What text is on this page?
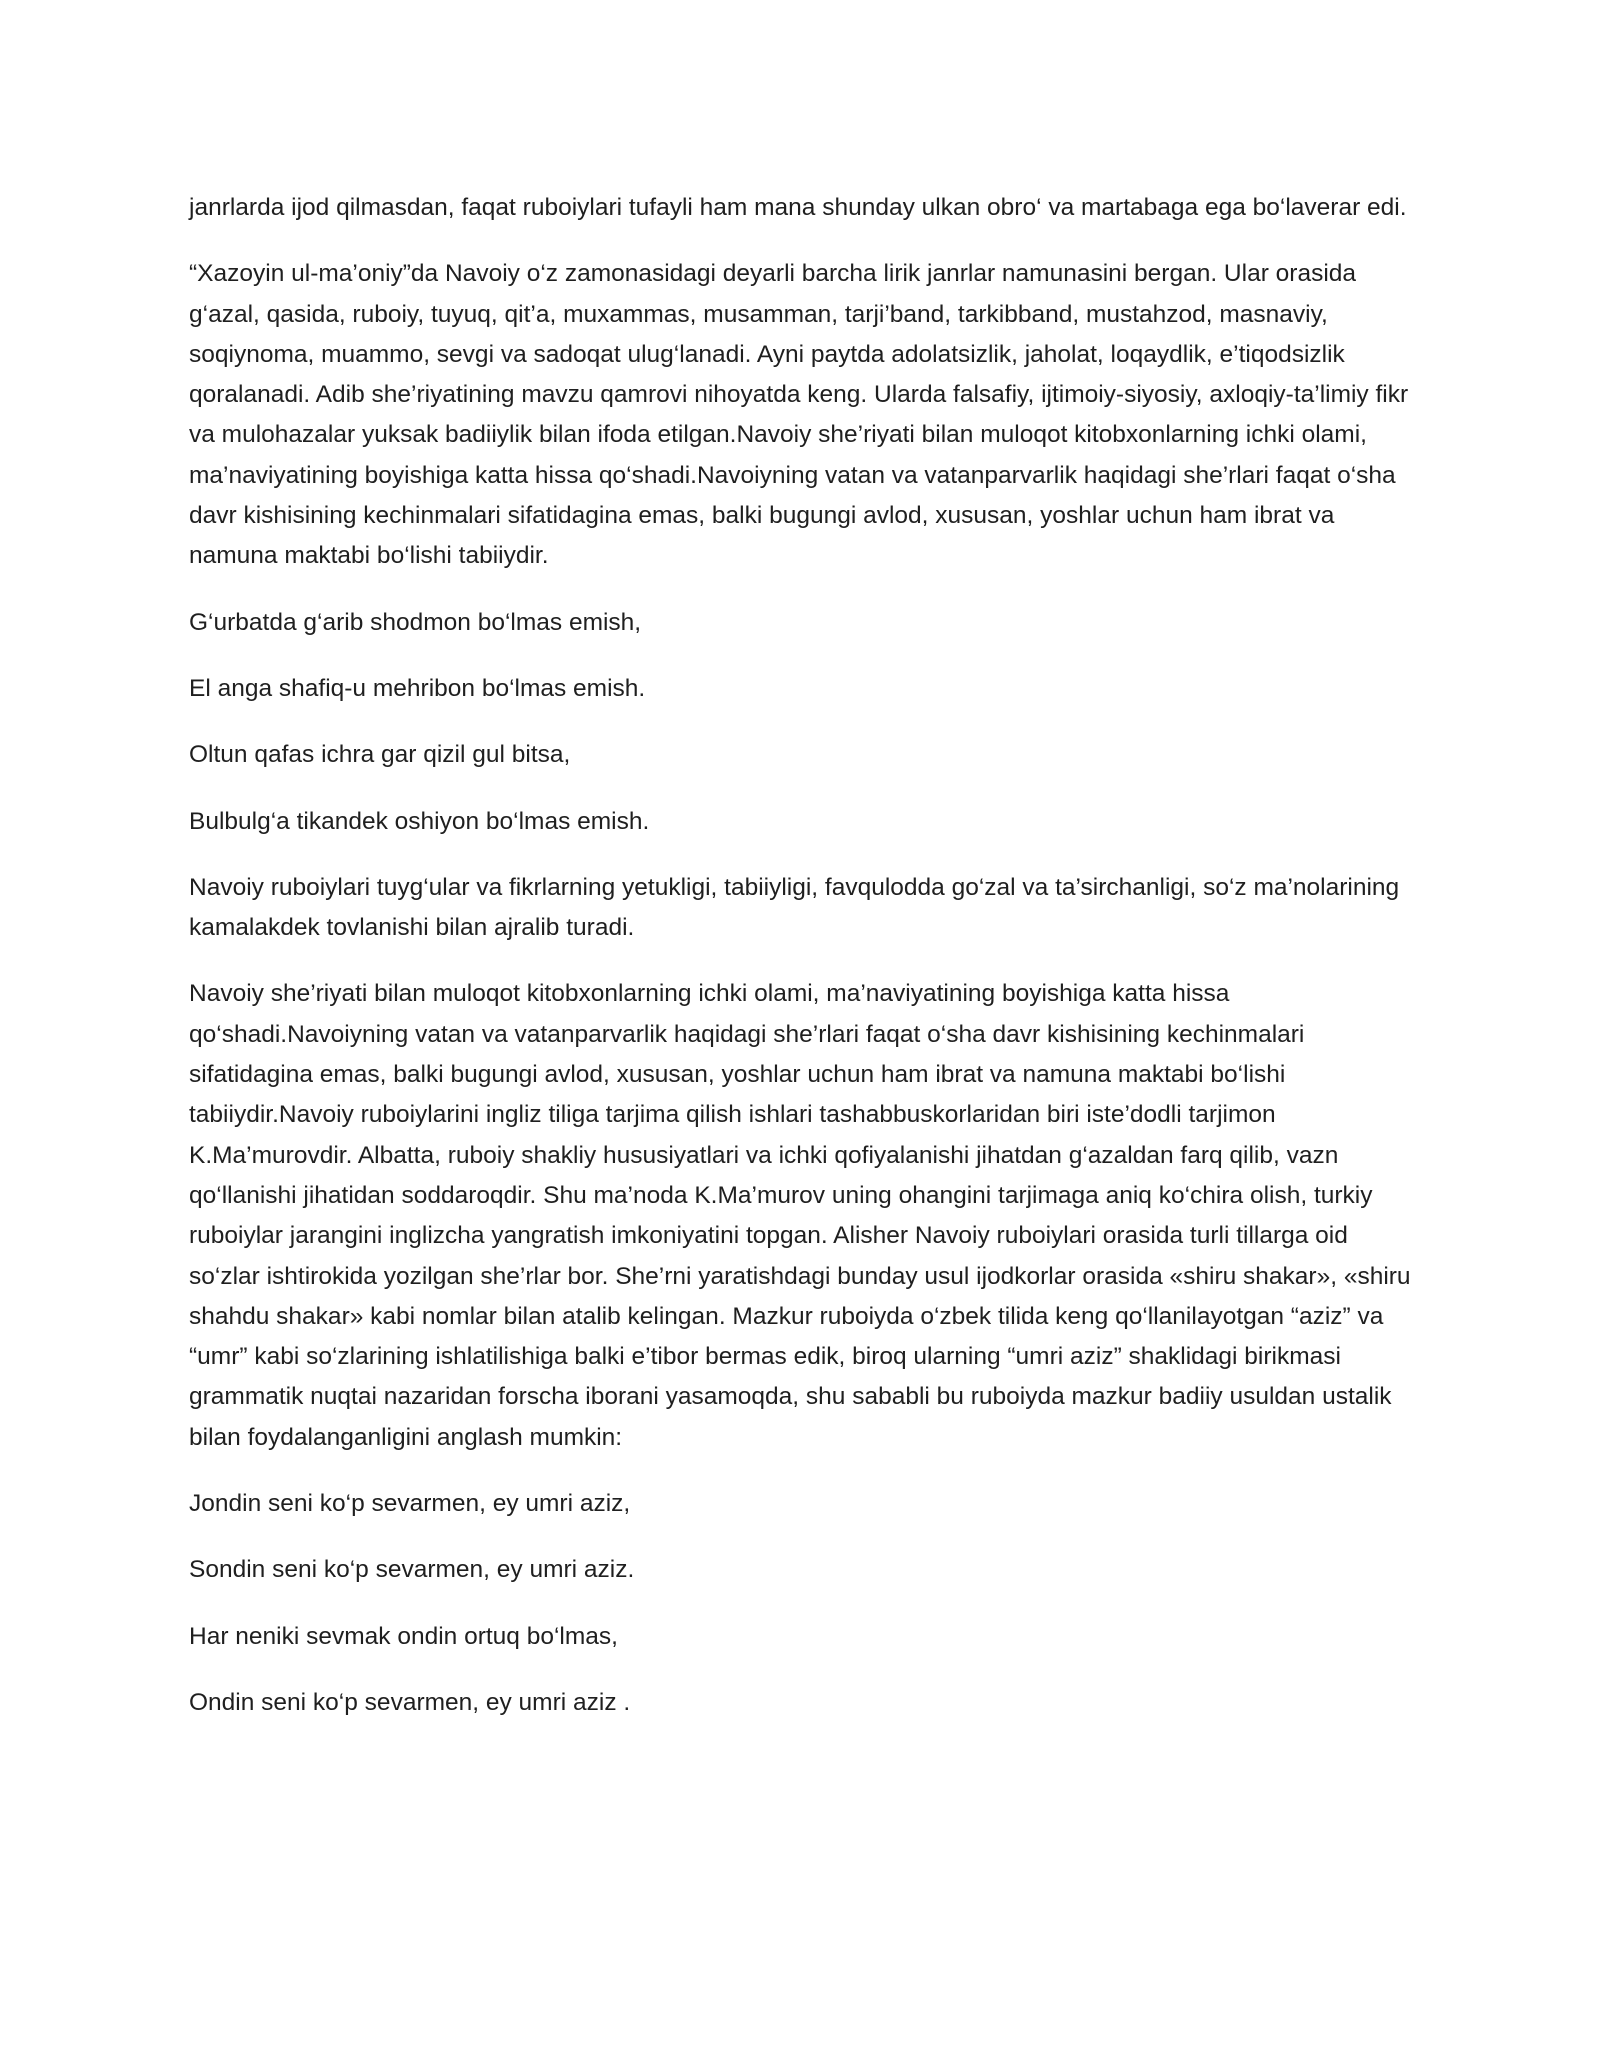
janrlarda ijod qilmasdan, faqat ruboiylari tufayli ham mana shunday ulkan obro‘ va martabaga ega bo‘laverar edi.

“Xazoyin ul-ma’oniy”da Navoiy o‘z zamonasidagi deyarli barcha lirik janrlar namunasini bergan. Ular orasida g‘azal, qasida, ruboiy, tuyuq, qit’a, muxammas, musamman, tarji’band, tarkibband, mustahzod, masnaviy, soqiynoma, muammo, sevgi va sadoqat ulug‘lanadi. Ayni paytda adolatsizlik, jaholat, loqaydlik, e’tiqodsizlik qoralanadi. Adib she’riyatining mavzu qamrovi nihoyatda keng. Ularda falsafiy, ijtimoiy-siyosiy, axloqiy-ta’limiy fikr va mulohazalar yuksak badiiylik bilan ifoda etilgan.Navoiy she’riyati bilan muloqot kitobxonlarning ichki olami, ma’naviyatining boyishiga katta hissa qo‘shadi.Navoiyning vatan va vatanparvarlik haqidagi she’rlari faqat o‘sha davr kishisining kechinmalari sifatidagina emas, balki bugungi avlod, xususan, yoshlar uchun ham ibrat va namuna maktabi bo‘lishi tabiiydir.

G‘urbatda g‘arib shodmon bo‘lmas emish,

El anga shafiq-u mehribon bo‘lmas emish.

Oltun qafas ichra gar qizil gul bitsa,

Bulbulg‘a tikandek oshiyon bo‘lmas emish.

Navoiy ruboiylari tuyg‘ular va fikrlarning yetukligi, tabiiyligi, favqulodda go‘zal va ta’sirchanligi, so‘z ma’nolarining kamalakdek tovlanishi bilan ajralib turadi.

Navoiy she’riyati bilan muloqot kitobxonlarning ichki olami, ma’naviyatining boyishiga katta hissa qo‘shadi.Navoiyning vatan va vatanparvarlik haqidagi she’rlari faqat o‘sha davr kishisining kechinmalari sifatidagina emas, balki bugungi avlod, xususan, yoshlar uchun ham ibrat va namuna maktabi bo‘lishi tabiiydir.Navoiy ruboiylarini ingliz tiliga tarjima qilish ishlari tashabbuskorlaridan biri iste’dodli tarjimon K.Ma’murovdir. Albatta, ruboiy shakliy hususiyatlari va ichki qofiyalanishi jihatdan g‘azaldan farq qilib, vazn qo‘llanishi jihatidan soddaroqdir. Shu ma’noda K.Ma’murov uning ohangini tarjimaga aniq ko‘chira olish, turkiy ruboiylar jarangini inglizcha yangratish imkoniyatini topgan. Alisher Navoiy ruboiylari orasida turli tillarga oid so‘zlar ishtirokida yozilgan she’rlar bor. She’rni yaratishdagi bunday usul ijodkorlar orasida «shiru shakar», «shiru shahdu shakar» kabi nomlar bilan atalib kelingan. Mazkur ruboiyda o‘zbek tilida keng qo‘llanilayotgan “aziz” va “umr” kabi so‘zlarining ishlatilishiga balki e’tibor bermas edik, biroq ularning “umri aziz” shaklidagi birikmasi grammatik nuqtai nazaridan forscha iborani yasamoqda, shu sababli bu ruboiyda mazkur badiiy usuldan ustalik bilan foydalanganligini anglash mumkin:

Jondin seni ko‘p sevarmen, ey umri aziz,

Sondin seni ko‘p sevarmen, ey umri aziz.

Har neniki sevmak ondin ortuq bo‘lmas,

Ondin seni ko‘p sevarmen, ey umri aziz .
